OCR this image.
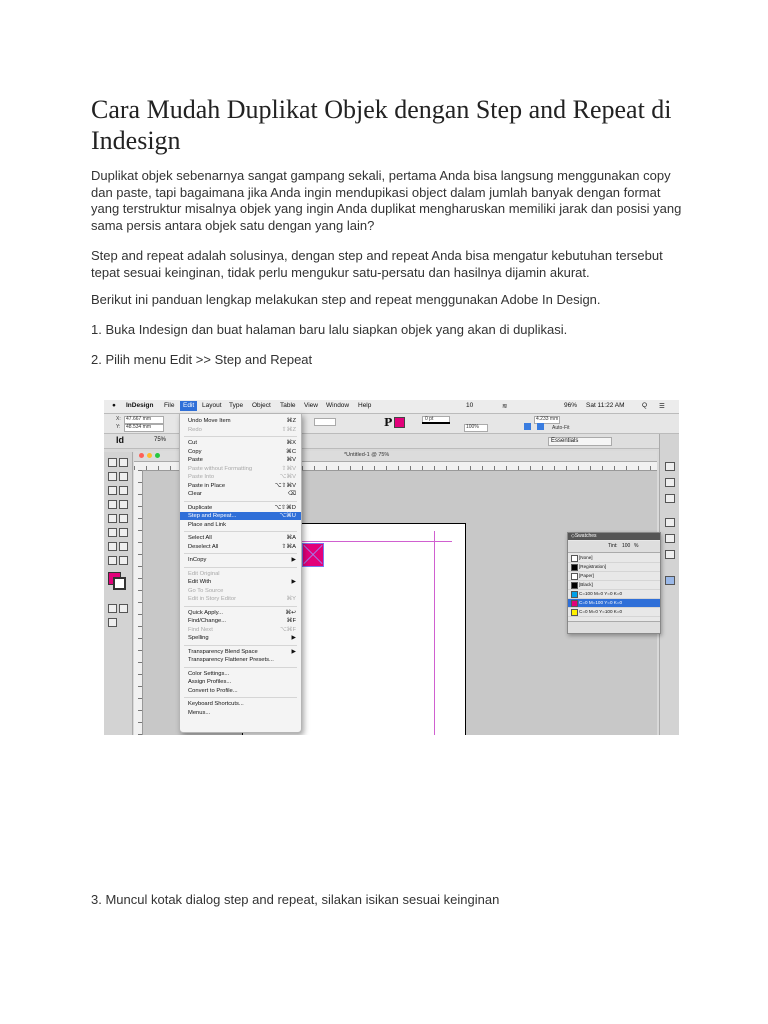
Cara Mudah Duplikat Objek dengan Step and Repeat di Indesign

Duplikat objek sebenarnya sangat gampang sekali, pertama Anda bisa langsung menggunakan copy dan paste, tapi bagaimana jika Anda ingin mendupikasi object dalam jumlah banyak dengan format yang terstruktur misalnya objek yang ingin Anda duplikat mengharuskan memiliki jarak dan posisi yang sama persis antara objek satu dengan yang lain?

Step and repeat adalah solusinya, dengan step and repeat Anda bisa mengatur kebutuhan tersebut tepat sesuai keinginan, tidak perlu mengukur satu-persatu dan hasilnya dijamin akurat.

Berikut ini panduan lengkap melakukan step and repeat menggunakan Adobe In Design.

1. Buka Indesign dan buat halaman baru lalu siapkan objek yang akan di duplikasi.

2. Pilih menu Edit >> Step and Repeat

● InDesign File	Edit	Layout Type Object Table View Window Help	10	≋	96% Sat 11:22 AM	Q ☰
X:
Y:
47.667 mm
48.534 mm	P	0 pt
100%
4.233 mm
Auto-Fit
Id	75%	Essentials
*Untitled-1 @ 75%
◇Swatches
Tint: 100 %
[None]
[Registration]
[Paper]
[Black]
C=100 M=0 Y=0 K=0
C=0 M=100 Y=0 K=0
C=0 M=0 Y=100 K=0
Undo Move Item	⌘Z
Redo	⇧⌘Z
Cut	⌘X
Copy	⌘C
Paste	⌘V
Paste without Formatting	⇧⌘V
Paste Into	⌥⌘V
Paste in Place	⌥⇧⌘V
Clear	⌫
Duplicate	⌥⇧⌘D
Step and Repeat...	⌥⌘U
Place and Link
Select All	⌘A
Deselect All	⇧⌘A
InCopy	▶
Edit Original
Edit With	▶
Go To Source
Edit in Story Editor	⌘Y
Quick Apply...	⌘↩
Find/Change...	⌘F
Find Next	⌥⌘F
Spelling	▶
Transparency Blend Space	▶
Transparency Flattener Presets...
Color Settings...
Assign Profiles...
Convert to Profile...
Keyboard Shortcuts...
Menus...

3. Muncul kotak dialog step and repeat, silakan isikan sesuai keinginan
